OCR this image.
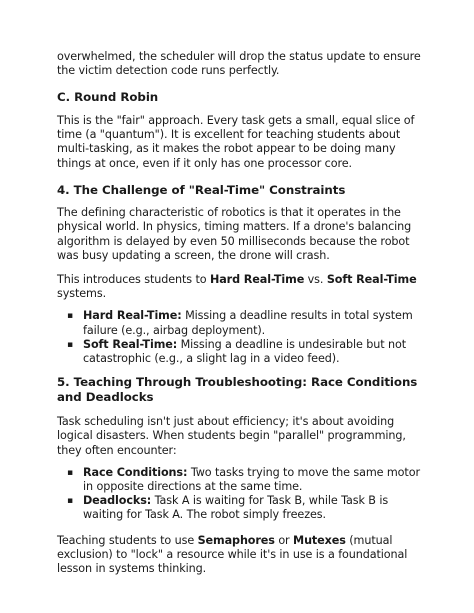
overwhelmed, the scheduler will drop the status update to ensure the victim detection code runs perfectly.

C. Round Robin

This is the "fair" approach. Every task gets a small, equal slice of time (a "quantum"). It is excellent for teaching students about multi-tasking, as it makes the robot appear to be doing many things at once, even if it only has one processor core.

4. The Challenge of "Real-Time" Constraints

The defining characteristic of robotics is that it operates in the physical world. In physics, timing matters. If a drone's balancing algorithm is delayed by even 50 milliseconds because the robot was busy updating a screen, the drone will crash.

This introduces students to Hard Real-Time vs. Soft Real-Time systems.

▪ Hard Real-Time: Missing a deadline results in total system failure (e.g., airbag deployment).
▪ Soft Real-Time: Missing a deadline is undesirable but not catastrophic (e.g., a slight lag in a video feed).
5. Teaching Through Troubleshooting: Race Conditions and Deadlocks

Task scheduling isn't just about efficiency; it's about avoiding logical disasters. When students begin "parallel" programming, they often encounter:

▪ Race Conditions: Two tasks trying to move the same motor in opposite directions at the same time.
▪ Deadlocks: Task A is waiting for Task B, while Task B is waiting for Task A. The robot simply freezes.

Teaching students to use Semaphores or Mutexes (mutual exclusion) to "lock" a resource while it's in use is a foundational lesson in systems thinking.
